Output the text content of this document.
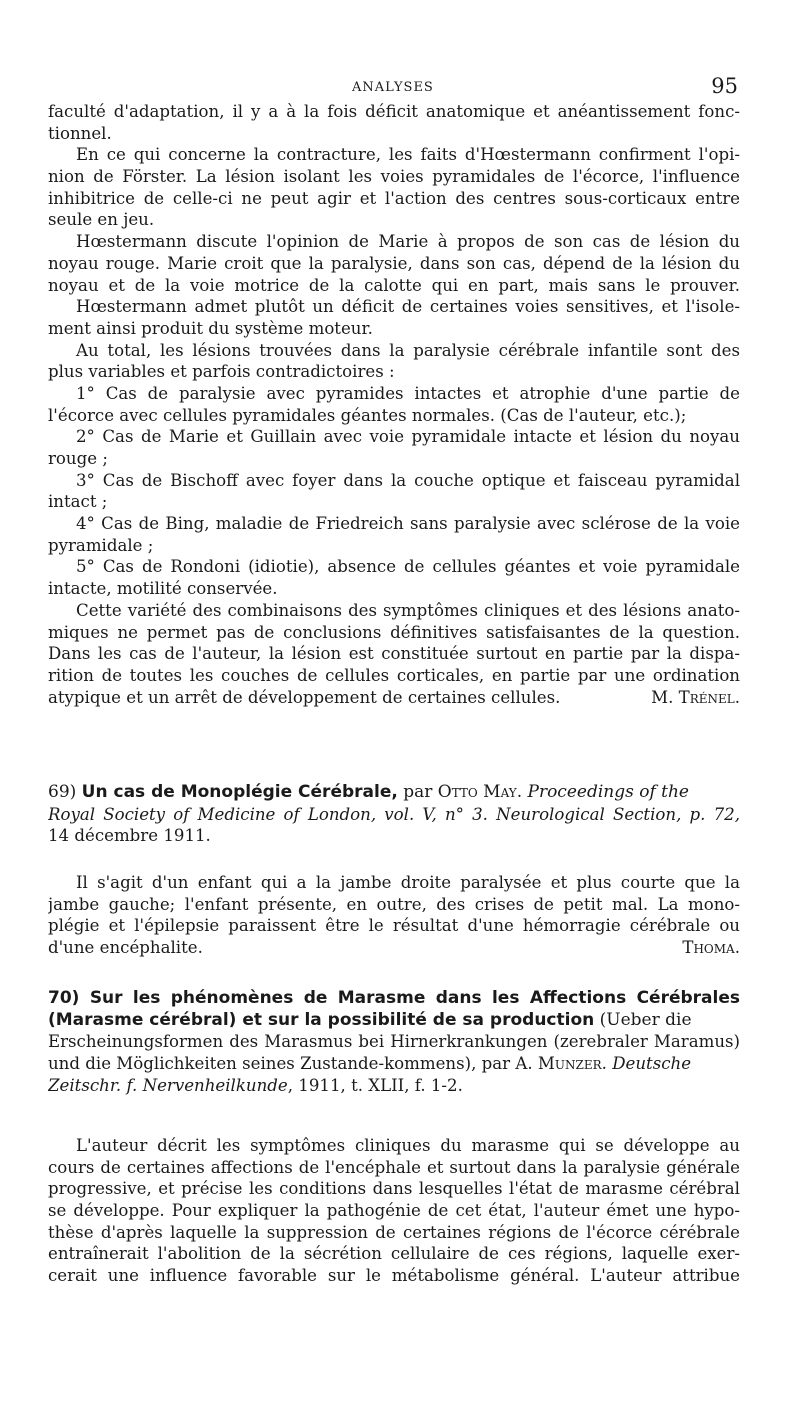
ANALYSES	95
faculté d'adaptation, il y a à la fois déficit anatomique et anéantissement fonc-
tionnel.
En ce qui concerne la contracture, les faits d'Hœstermann confirment l'opi-
nion de Förster. La lésion isolant les voies pyramidales de l'écorce, l'influence
inhibitrice de celle-ci ne peut agir et l'action des centres sous-corticaux entre
seule en jeu.
Hœstermann discute l'opinion de Marie à propos de son cas de lésion du
noyau rouge. Marie croit que la paralysie, dans son cas, dépend de la lésion du
noyau et de la voie motrice de la calotte qui en part, mais sans le prouver.
Hœstermann admet plutôt un déficit de certaines voies sensitives, et l'isole-
ment ainsi produit du système moteur.
Au total, les lésions trouvées dans la paralysie cérébrale infantile sont des
plus variables et parfois contradictoires :
1° Cas de paralysie avec pyramides intactes et atrophie d'une partie de
l'écorce avec cellules pyramidales géantes normales. (Cas de l'auteur, etc.);
2° Cas de Marie et Guillain avec voie pyramidale intacte et lésion du noyau
rouge ;
3° Cas de Bischoff avec foyer dans la couche optique et faisceau pyramidal
intact ;
4° Cas de Bing, maladie de Friedreich sans paralysie avec sclérose de la voie
pyramidale ;
5° Cas de Rondoni (idiotie), absence de cellules géantes et voie pyramidale
intacte, motilité conservée.
Cette variété des combinaisons des symptômes cliniques et des lésions anato-
miques ne permet pas de conclusions définitives satisfaisantes de la question.
Dans les cas de l'auteur, la lésion est constituée surtout en partie par la dispa-
rition de toutes les couches de cellules corticales, en partie par une ordination
atypique et un arrêt de développement de certaines cellules.	M. Trénel.
69) Un cas de Monoplégie Cérébrale, par Otto May. Proceedings of the
Royal Society of Medicine of London, vol. V, n° 3. Neurological Section, p. 72,
14 décembre 1911.
Il s'agit d'un enfant qui a la jambe droite paralysée et plus courte que la
jambe gauche; l'enfant présente, en outre, des crises de petit mal. La mono-
plégie et l'épilepsie paraissent être le résultat d'une hémorragie cérébrale ou
d'une encéphalite.	Thoma.
70) Sur les phénomènes de Marasme dans les Affections Cérébrales
(Marasme cérébral) et sur la possibilité de sa production (Ueber die
Erscheinungsformen des Marasmus bei Hirnerkrankungen (zerebraler Maramus)
und die Möglichkeiten seines Zustande-kommens), par A. Munzer. Deutsche
Zeitschr. f. Nervenheilkunde, 1911, t. XLII, f. 1-2.
L'auteur décrit les symptômes cliniques du marasme qui se développe au
cours de certaines affections de l'encéphale et surtout dans la paralysie générale
progressive, et précise les conditions dans lesquelles l'état de marasme cérébral
se développe. Pour expliquer la pathogénie de cet état, l'auteur émet une hypo-
thèse d'après laquelle la suppression de certaines régions de l'écorce cérébrale
entraînerait l'abolition de la sécrétion cellulaire de ces régions, laquelle exer-
cerait une influence favorable sur le métabolisme général. L'auteur attribue
